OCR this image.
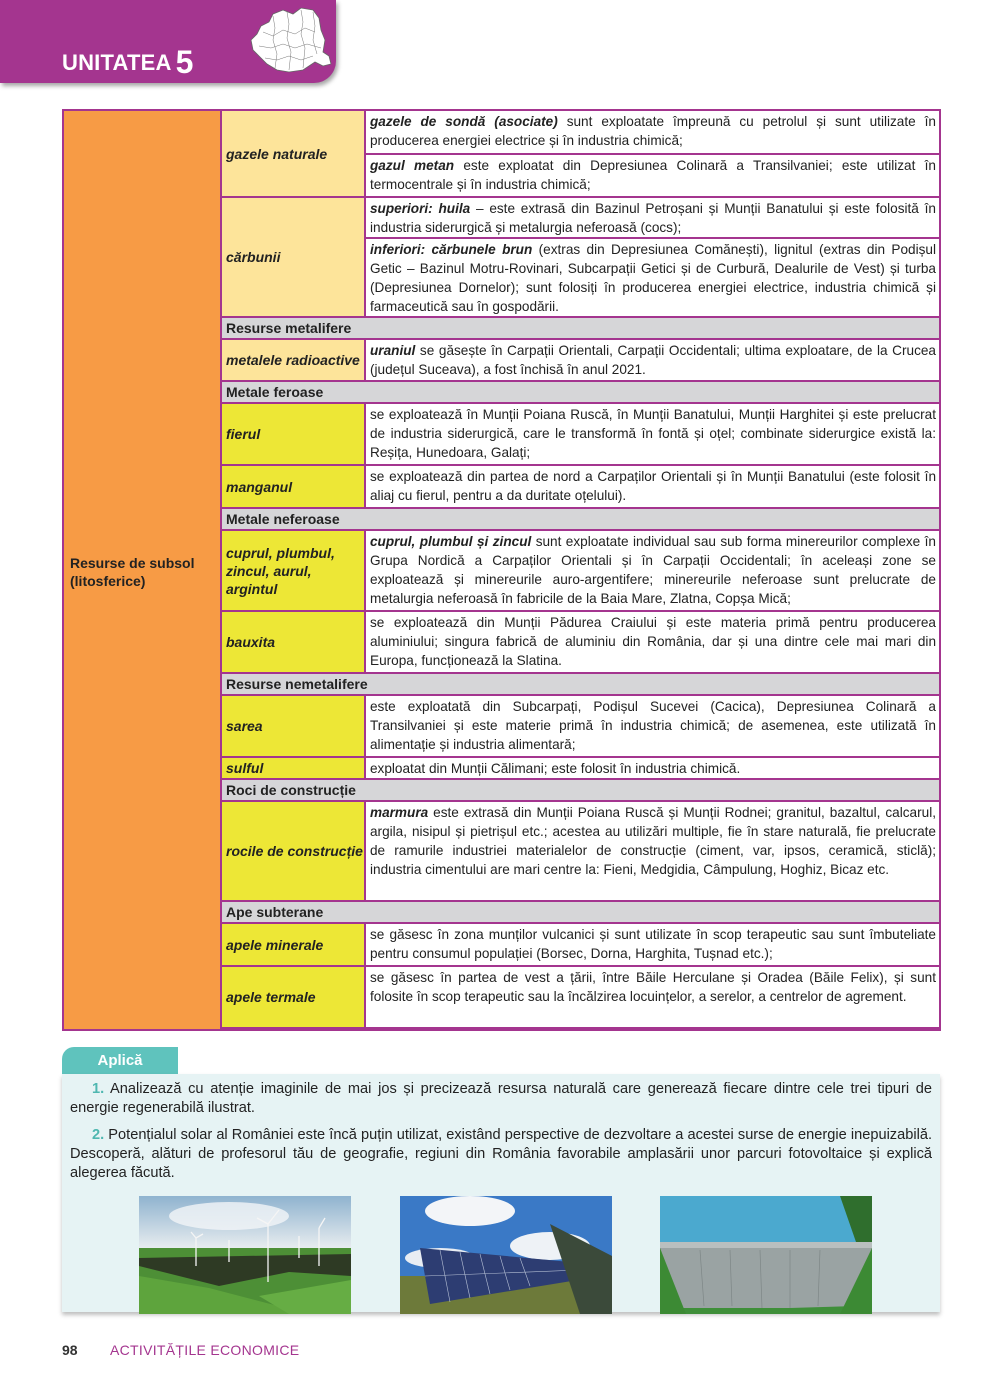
UNITATEA 5
Resurse de subsol (litosferice)
gazele naturale
gazele de sondă (asociate) sunt exploatate împreună cu petrolul și sunt utilizate în producerea energiei electrice și în industria chimică;
gazul metan este exploatat din Depresiunea Colinară a Transilvaniei; este utilizat în termocentrale și în industria chimică;
cărbunii
superiori: huila – este extrasă din Bazinul Petroșani și Munții Banatului și este folosită în industria siderurgică și metalurgia neferoasă (cocs);
inferiori: cărbunele brun (extras din Depresiunea Comănești), lignitul (extras din Podișul Getic – Bazinul Motru-Rovinari, Subcarpații Getici și de Curbură, Dealurile de Vest) și turba (Depresiunea Dornelor); sunt folosiți în producerea energiei electrice, industria chimică și farmaceutică sau în gospodării.
Resurse metalifere
metalele radioactive
uraniul se găsește în Carpații Orientali, Carpații Occidentali; ultima exploatare, de la Crucea (județul Suceava), a fost închisă în anul 2021.
Metale feroase
fierul
se exploatează în Munții Poiana Ruscă, în Munții Banatului, Munții Harghitei și este prelucrat de industria siderurgică, care le transformă în fontă și oțel; combinate siderurgice există la: Reșița, Hunedoara, Galați;
manganul
se exploatează din partea de nord a Carpaților Orientali și în Munții Banatului (este folosit în aliaj cu fierul, pentru a da duritate oțelului).
Metale neferoase
cuprul, plumbul, zincul, aurul, argintul
cuprul, plumbul și zincul sunt exploatate individual sau sub forma minereurilor complexe în Grupa Nordică a Carpaților Orientali și în Carpații Occidentali; în aceleași zone se exploatează și minereurile auro-argentifere; minereurile neferoase sunt prelucrate de metalurgia neferoasă în fabricile de la Baia Mare, Zlatna, Copșa Mică;
bauxita
se exploatează din Munții Pădurea Craiului și este materia primă pentru producerea aluminiului; singura fabrică de aluminiu din România, dar și una dintre cele mai mari din Europa, funcționează la Slatina.
Resurse nemetalifere
sarea
este exploatată din Subcarpați, Podișul Sucevei (Cacica), Depresiunea Colinară a Transilvaniei și este materie primă în industria chimică; de asemenea, este utilizată în alimentație și industria alimentară;
sulful	exploatat din Munții Călimani; este folosit în industria chimică.
Roci de construcție
rocile de construcție
marmura este extrasă din Munții Poiana Ruscă și Munții Rodnei; granitul, bazaltul, calcarul, argila, nisipul și pietrișul etc.; acestea au utilizări multiple, fie în stare naturală, fie prelucrate de ramurile industriei materialelor de construcție (ciment, var, ipsos, ceramică, sticlă); industria cimentului are mari centre la: Fieni, Medgidia, Câmpulung, Hoghiz, Bicaz etc.
Ape subterane
apele minerale
se găsesc în zona munților vulcanici și sunt utilizate în scop terapeutic sau sunt îmbuteliate pentru consumul populației (Borsec, Dorna, Harghita, Tușnad etc.);
apele termale
se găsesc în partea de vest a țării, între Băile Herculane și Oradea (Băile Felix), și sunt folosite în scop terapeutic sau la încălzirea locuințelor, a serelor, a centrelor de agrement.
Aplică
1. Analizează cu atenție imaginile de mai jos și precizează resursa naturală care generează fiecare dintre cele trei tipuri de energie regenerabilă ilustrat.
2. Potențialul solar al României este încă puțin utilizat, existând perspective de dezvoltare a acestei surse de energie inepuizabilă. Descoperă, alături de profesorul tău de geografie, regiuni din România favorabile amplasării unor parcuri fotovoltaice și explică alegerea făcută.
98 ACTIVITĂȚILE ECONOMICE
